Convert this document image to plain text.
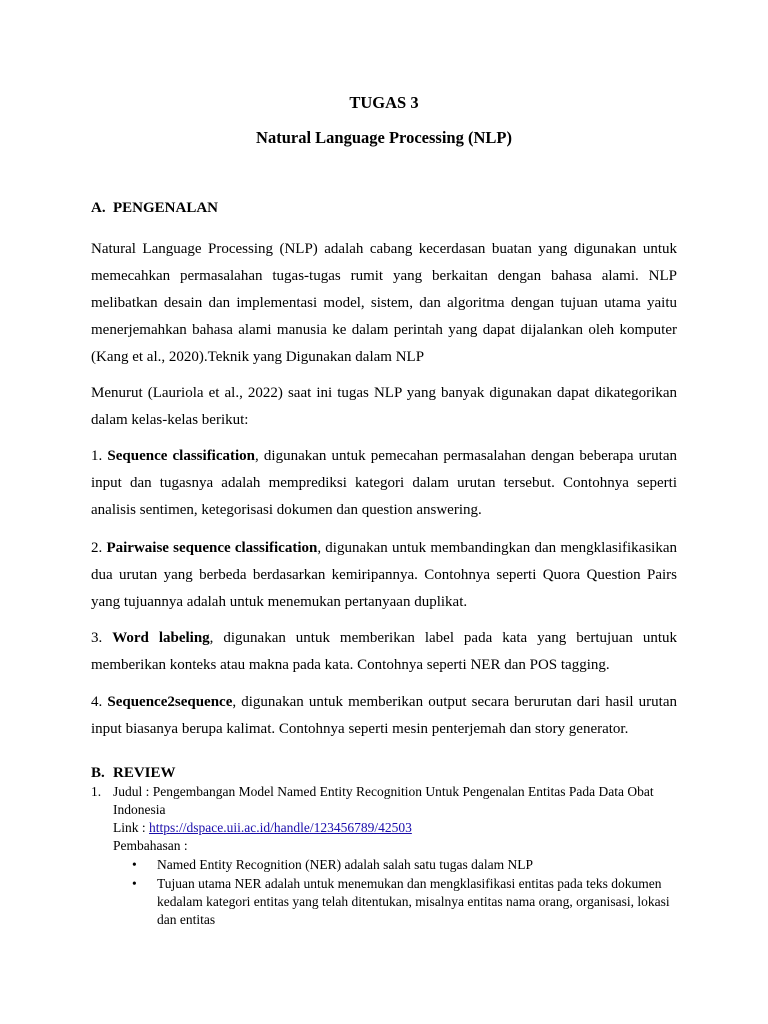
TUGAS 3
Natural Language Processing (NLP)
A. PENGENALAN

Natural Language Processing (NLP) adalah cabang kecerdasan buatan yang digunakan untuk memecahkan permasalahan tugas-tugas rumit yang berkaitan dengan bahasa alami. NLP melibatkan desain dan implementasi model, sistem, dan algoritma dengan tujuan utama yaitu menerjemahkan bahasa alami manusia ke dalam perintah yang dapat dijalankan oleh komputer (Kang et al., 2020).Teknik yang Digunakan dalam NLP

Menurut (Lauriola et al., 2022) saat ini tugas NLP yang banyak digunakan dapat dikategorikan dalam kelas-kelas berikut:

1. Sequence classification, digunakan untuk pemecahan permasalahan dengan beberapa urutan input dan tugasnya adalah memprediksi kategori dalam urutan tersebut. Contohnya seperti analisis sentimen, ketegorisasi dokumen dan question answering.

2. Pairwaise sequence classification, digunakan untuk membandingkan dan mengklasifikasikan dua urutan yang berbeda berdasarkan kemiripannya. Contohnya seperti Quora Question Pairs yang tujuannya adalah untuk menemukan pertanyaan duplikat.

3. Word labeling, digunakan untuk memberikan label pada kata yang bertujuan untuk memberikan konteks atau makna pada kata. Contohnya seperti NER dan POS tagging.

4. Sequence2sequence, digunakan untuk memberikan output secara berurutan dari hasil urutan input biasanya berupa kalimat. Contohnya seperti mesin penterjemah dan story generator.

B. REVIEW
1. Judul : Pengembangan Model Named Entity Recognition Untuk Pengenalan Entitas Pada Data Obat Indonesia
Link : https://dspace.uii.ac.id/handle/123456789/42503
Pembahasan :
• Named Entity Recognition (NER) adalah salah satu tugas dalam NLP
• Tujuan utama NER adalah untuk menemukan dan mengklasifikasi entitas pada teks dokumen kedalam kategori entitas yang telah ditentukan, misalnya entitas nama orang, organisasi, lokasi dan entitas
